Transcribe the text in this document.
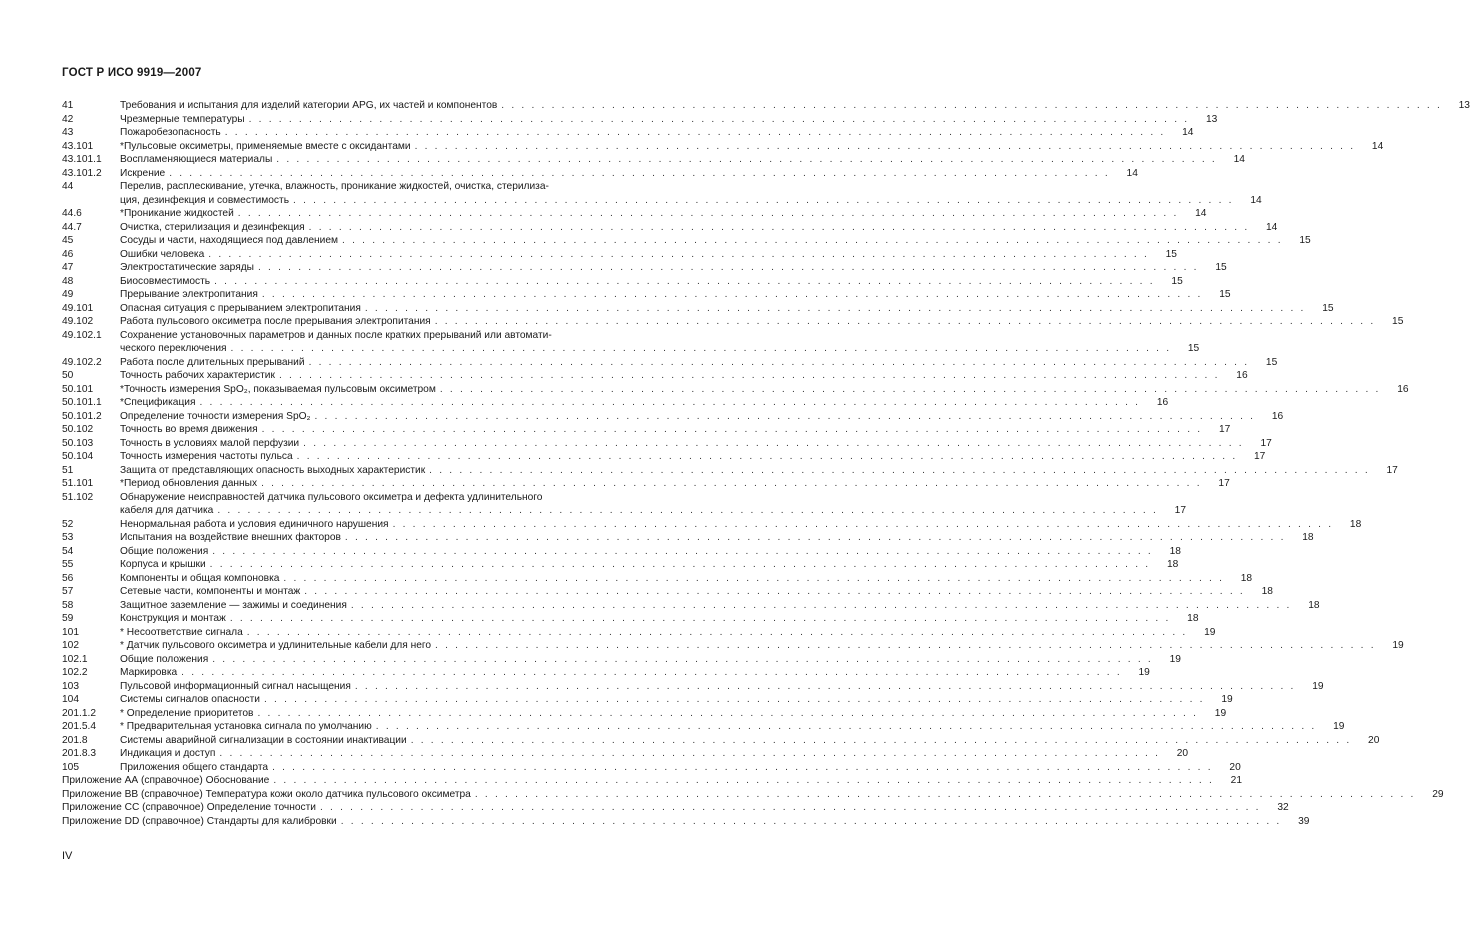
ГОСТ Р ИСО 9919—2007
41	Требования и испытания для изделий категории APG, их частей и компонентов . . .	13
42	Чрезмерные температуры . . .	13
43	Пожаробезопасность . . .	14
43.101	*Пульсовые оксиметры, применяемые вместе с оксидантами . . .	14
43.101.1	Воспламеняющиеся материалы . . .	14
43.101.2	Искрение . . .	14
44	Перелив, расплескивание, утечка, влажность, проникание жидкостей, очистка, стерилиза-
ция, дезинфекция и совместимость . . .	14
44.6	*Проникание жидкостей . . .	14
44.7	Очистка, стерилизация и дезинфекция . . .	14
45	Сосуды и части, находящиеся под давлением . . .	15
46	Ошибки человека . . .	15
47	Электростатические заряды . . .	15
48	Биосовместимость . . .	15
49	Прерывание электропитания . . .	15
49.101	Опасная ситуация с прерыванием электропитания . . .	15
49.102	Работа пульсового оксиметра после прерывания электропитания . . .	15
49.102.1	Сохранение установочных параметров и данных после кратких прерываний или автомати-
ческого переключения . . .	15
49.102.2	Работа после длительных прерываний . . .	15
50	Точность рабочих характеристик . . .	16
50.101	*Точность измерения SpO₂, показываемая пульсовым оксиметром . . .	16
50.101.1	*Спецификация . . .	16
50.101.2	Определение точности измерения SpO₂ . . .	16
50.102	Точность во время движения . . .	17
50.103	Точность в условиях малой перфузии . . .	17
50.104	Точность измерения частоты пульса . . .	17
51	Защита от представляющих опасность выходных характеристик . . .	17
51.101	*Период обновления данных . . .	17
51.102	Обнаружение неисправностей датчика пульсового оксиметра и дефекта удлинительного
кабеля для датчика . . .	17
52	Ненормальная работа и условия единичного нарушения . . .	18
53	Испытания на воздействие внешних факторов . . .	18
54	Общие положения . . .	18
55	Корпуса и крышки . . .	18
56	Компоненты и общая компоновка . . .	18
57	Сетевые части, компоненты и монтаж . . .	18
58	Защитное заземление — зажимы и соединения . . .	18
59	Конструкция и монтаж . . .	18
101	* Несоответствие сигнала . . .	19
102	* Датчик пульсового оксиметра и удлинительные кабели для него . . .	19
102.1	Общие положения . . .	19
102.2	Маркировка . . .	19
103	Пульсовой информационный сигнал насыщения . . .	19
104	Системы сигналов опасности . . .	19
201.1.2	* Определение приоритетов . . .	19
201.5.4	* Предварительная установка сигнала по умолчанию . . .	19
201.8	Системы аварийной сигнализации в состоянии инактивации . . .	20
201.8.3	Индикация и доступ . . .	20
105	Приложения общего стандарта . . .	20
Приложение АА (справочное) Обоснование . . .	21
Приложение ВВ (справочное) Температура кожи около датчика пульсового оксиметра . . .	29
Приложение СС (справочное) Определение точности . . .	32
Приложение DD (справочное) Стандарты для калибровки . . .	39
IV
